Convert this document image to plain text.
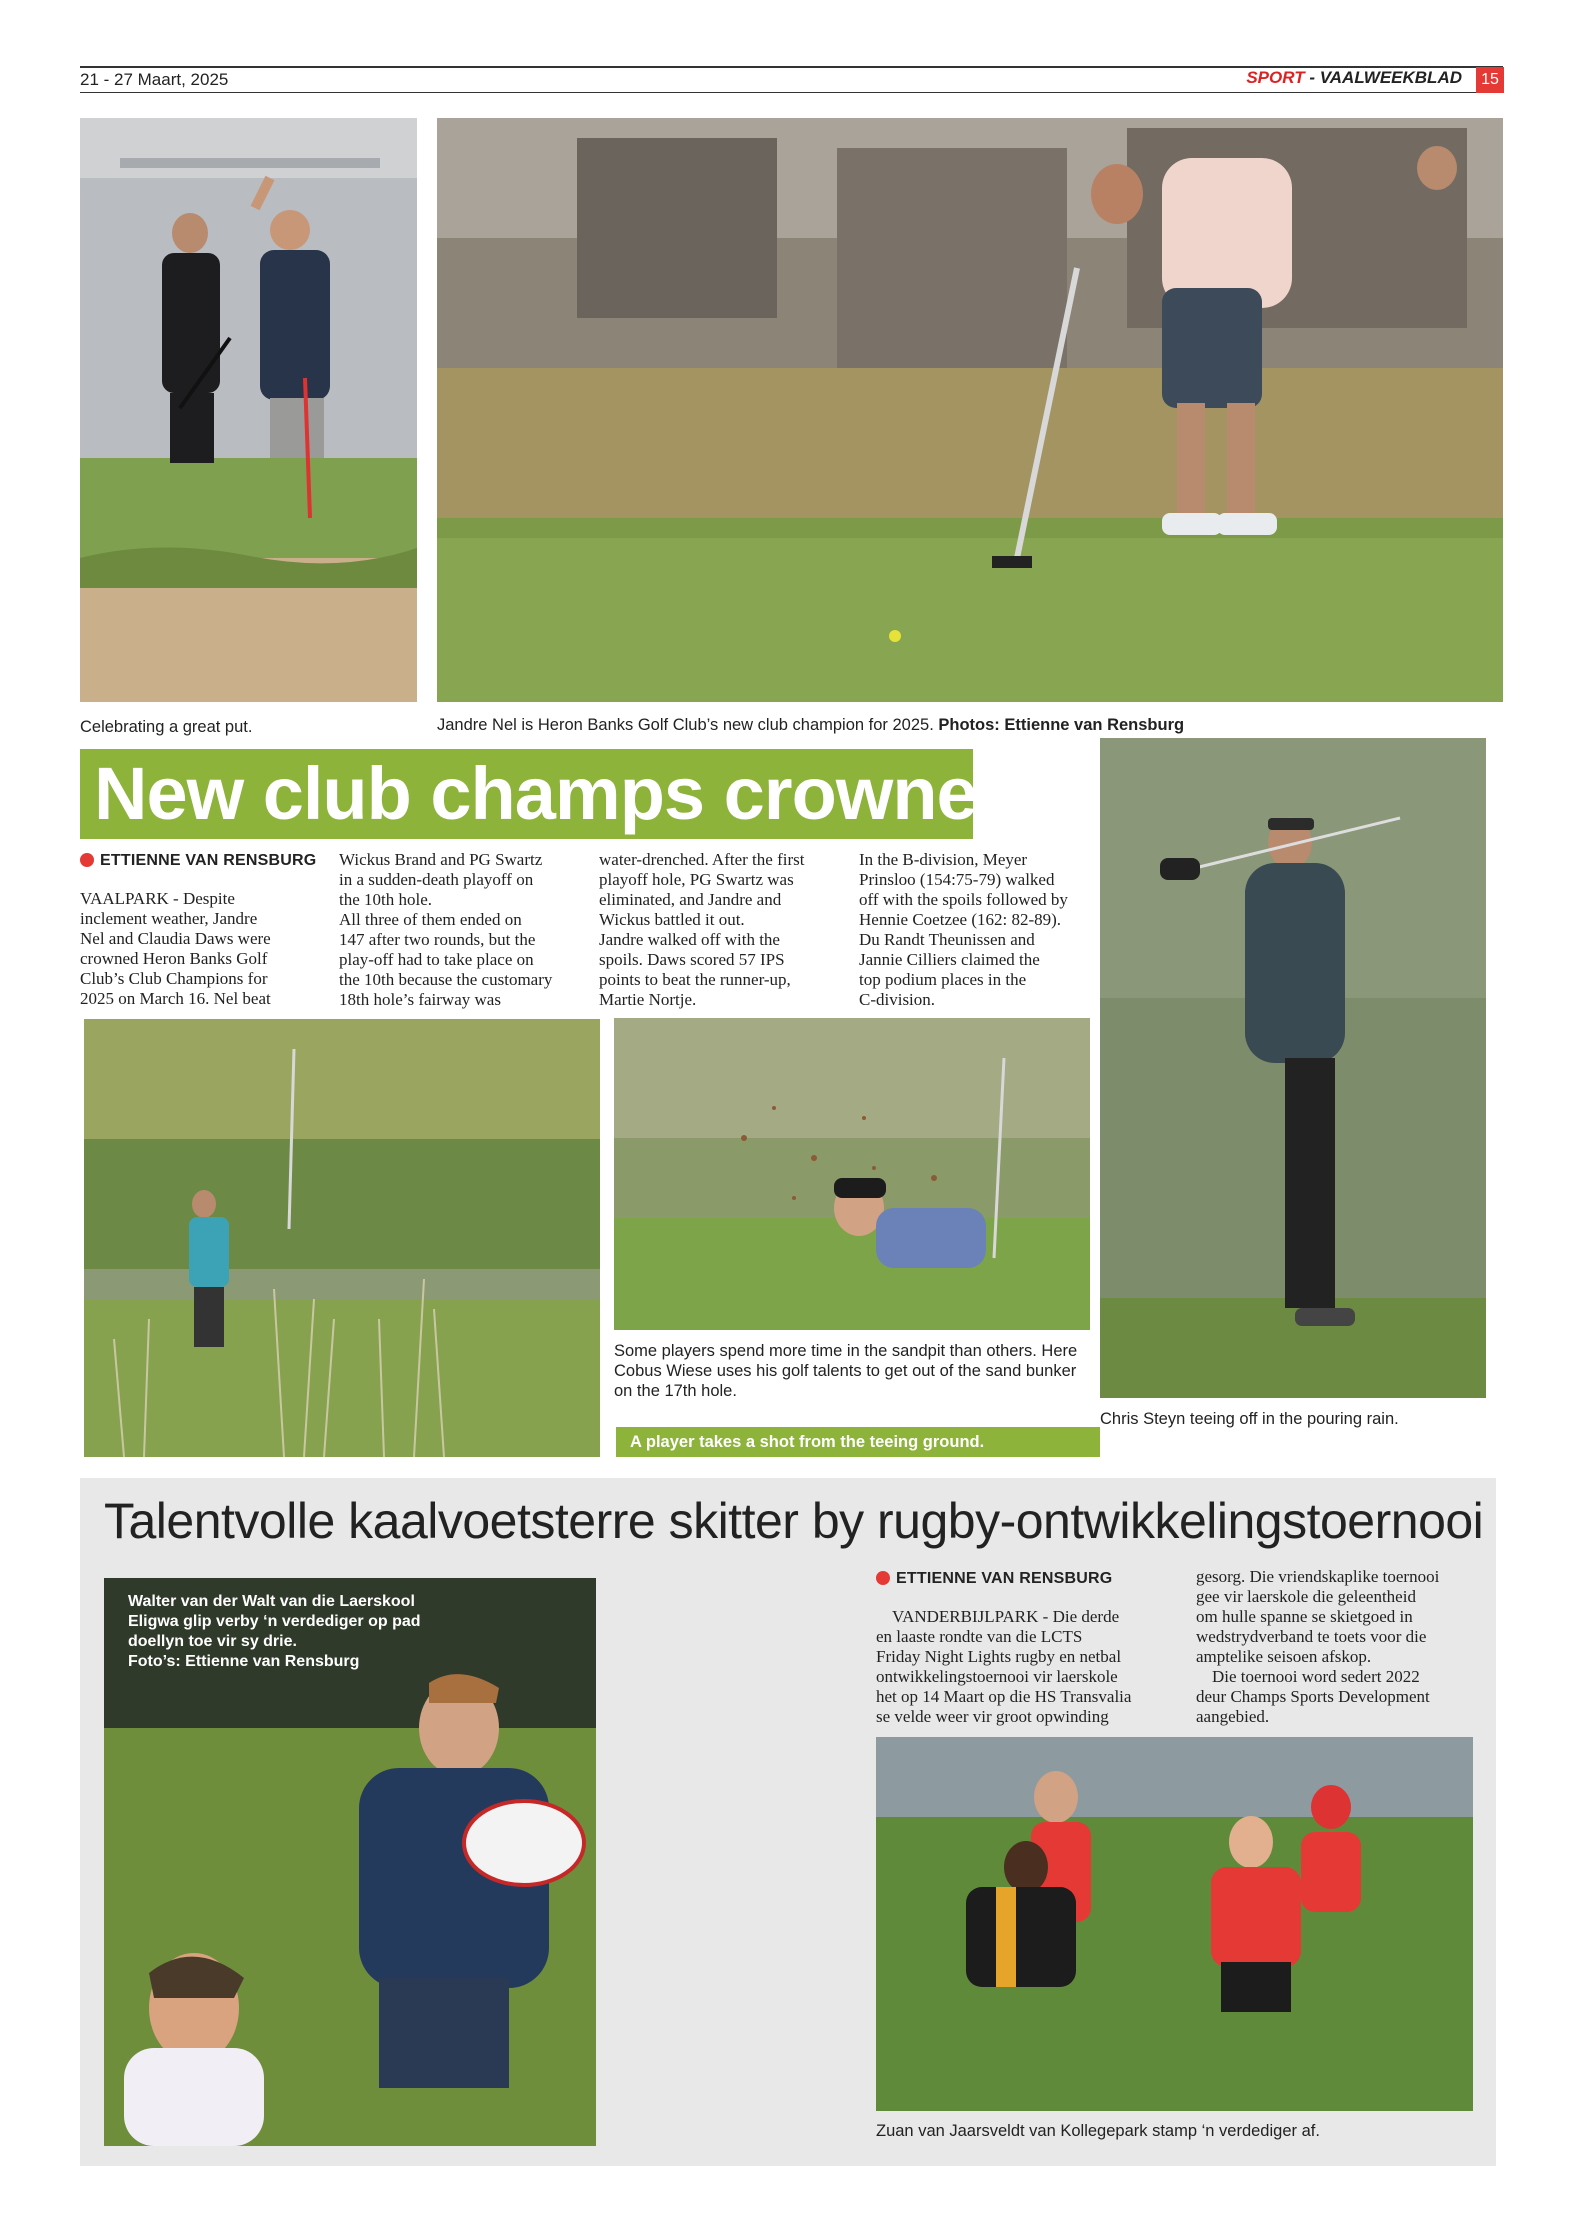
21 - 27 Maart, 2025	SPORT - VAALWEEKBLAD	15
Celebrating a great put.	Jandre Nel is Heron Banks Golf Club’s new club champion for 2025. Photos: Ettienne van Rensburg
New club champs crowned
ETTIENNE VAN RENSBURG

VAALPARK - Despite

inclement weather, Jandre

Nel and Claudia Daws were

crowned Heron Banks Golf

Club’s Club Champions for

2025 on March 16. Nel beat

Wickus Brand and PG Swartz

in a sudden-death playoff on

the 10th hole.

All three of them ended on

147 after two rounds, but the

play-off had to take place on

the 10th because the customary

18th hole’s fairway was

water-drenched. After the first

playoff hole, PG Swartz was

eliminated, and Jandre and

Wickus battled it out.

Jandre walked off with the

spoils. Daws scored 57 IPS

points to beat the runner-up,

Martie Nortje.

In the B-division, Meyer

Prinsloo (154:75-79) walked

off with the spoils followed by

Hennie Coetzee (162: 82-89).

Du Randt Theunissen and

Jannie Cilliers claimed the

top podium places in the

C-division.

Some players spend more time in the sandpit than others. Here
Cobus Wiese uses his golf talents to get out of the sand bunker
on the 17th hole.
A player takes a shot from the teeing ground.
Chris Steyn teeing off in the pouring rain.
Talentvolle kaalvoetsterre skitter by rugby-ontwikkelingstoernooi
Walter van der Walt van die Laerskool
Eligwa glip verby ‘n verdediger op pad
doellyn toe vir sy drie.
Foto’s: Ettienne van Rensburg
ETTIENNE VAN RENSBURG

VANDERBIJLPARK - Die derde

en laaste rondte van die LCTS

Friday Night Lights rugby en netbal

ontwikkelingstoernooi vir laerskole

het op 14 Maart op die HS Transvalia

se velde weer vir groot opwinding

gesorg. Die vriendskaplike toernooi

gee vir laerskole die geleentheid

om hulle spanne se skietgoed in

wedstrydverband te toets voor die

amptelike seisoen afskop.

Die toernooi word sedert 2022

deur Champs Sports Development

aangebied.

Zuan van Jaarsveldt van Kollegepark stamp ‘n verdediger af.
